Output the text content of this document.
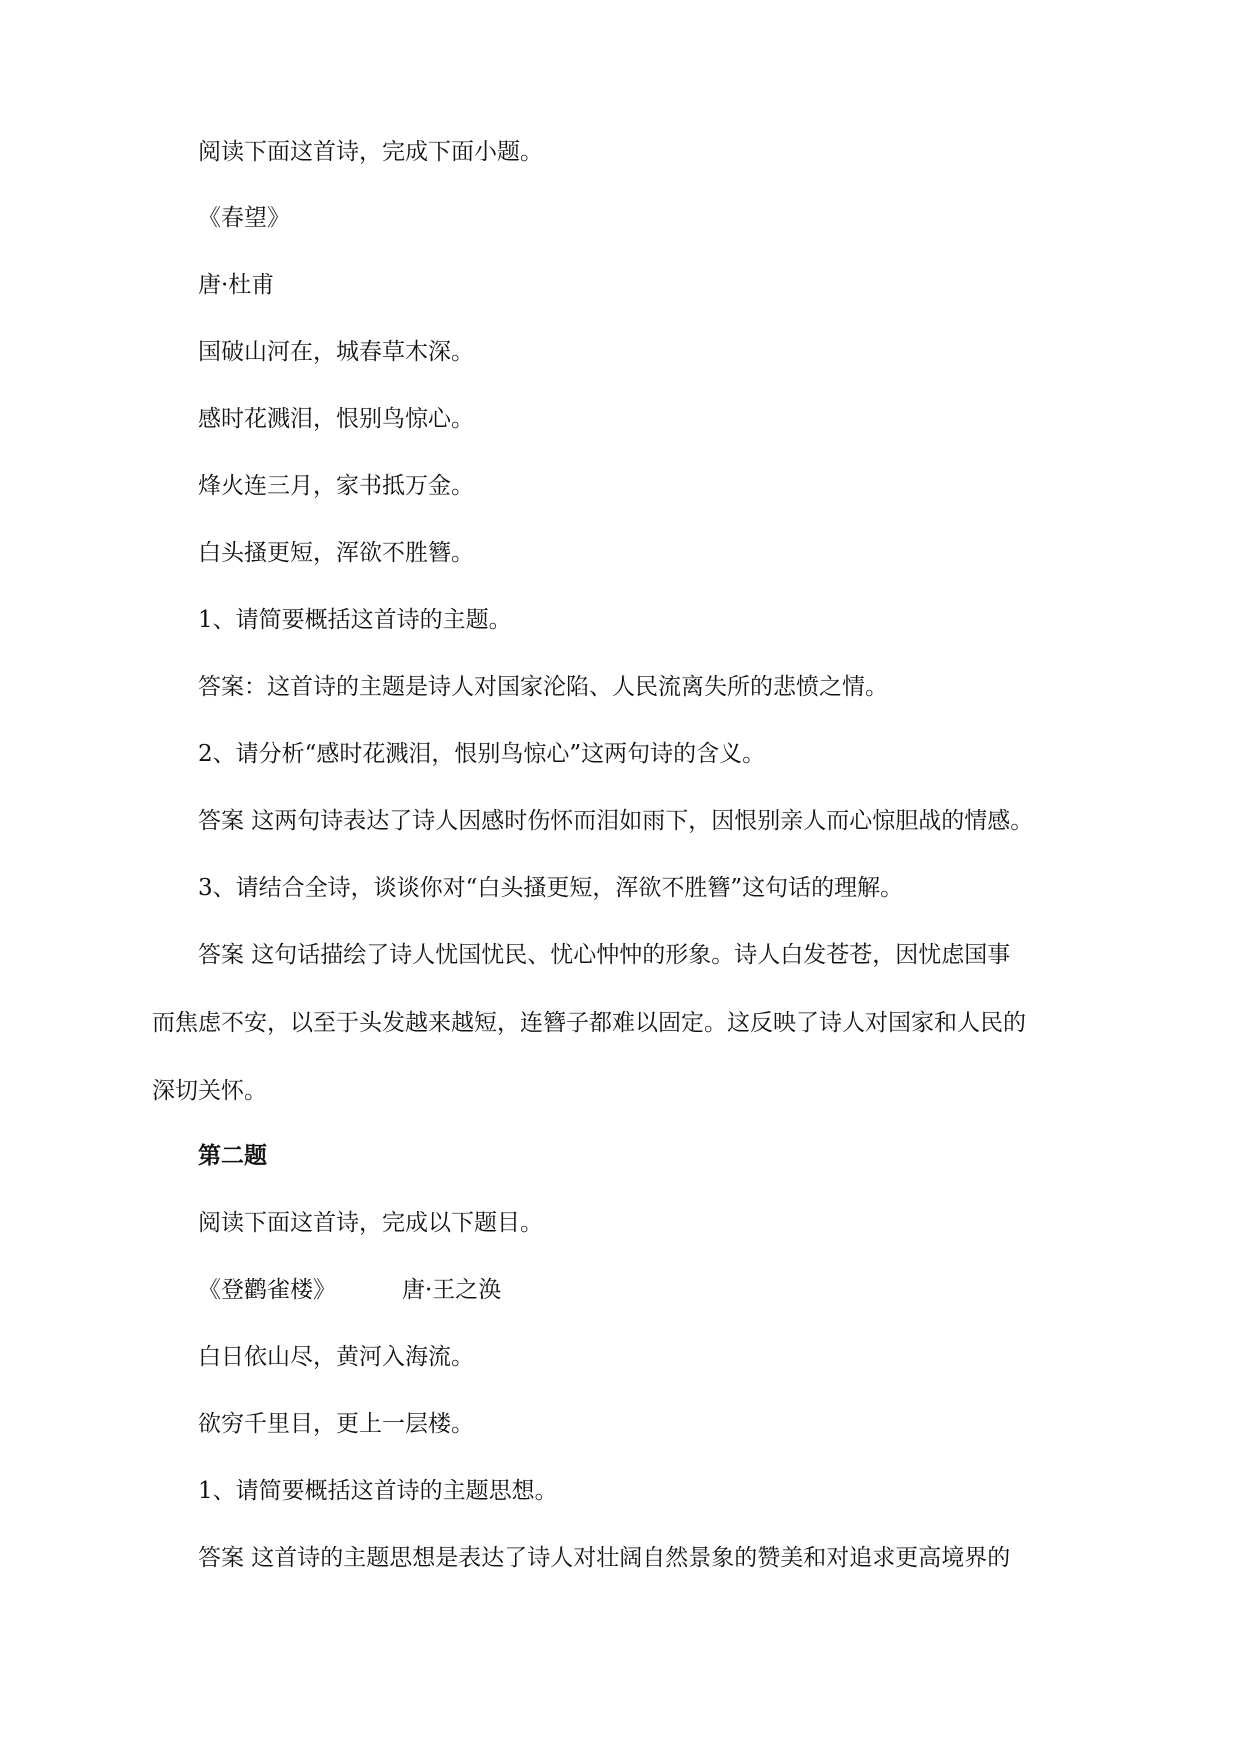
阅读下面这首诗，完成下面小题。
《春望》
唐·杜甫
国破山河在，城春草木深。
感时花溅泪，恨别鸟惊心。
烽火连三月，家书抵万金。
白头搔更短，浑欲不胜簪。
1、请简要概括这首诗的主题。
答案：这首诗的主题是诗人对国家沦陷、人民流离失所的悲愤之情。
2、请分析“感时花溅泪，恨别鸟惊心”这两句诗的含义。
答案 这两句诗表达了诗人因感时伤怀而泪如雨下，因恨别亲人而心惊胆战的情感。
3、请结合全诗，谈谈你对“白头搔更短，浑欲不胜簪”这句话的理解。
答案 这句话描绘了诗人忧国忧民、忧心忡忡的形象。诗人白发苍苍，因忧虑国事
而焦虑不安，以至于头发越来越短，连簪子都难以固定。这反映了诗人对国家和人民的
深切关怀。
第二题
阅读下面这首诗，完成以下题目。
《登鹳雀楼》	唐·王之涣
白日依山尽，黄河入海流。
欲穷千里目，更上一层楼。
1、请简要概括这首诗的主题思想。
答案 这首诗的主题思想是表达了诗人对壮阔自然景象的赞美和对追求更高境界的
